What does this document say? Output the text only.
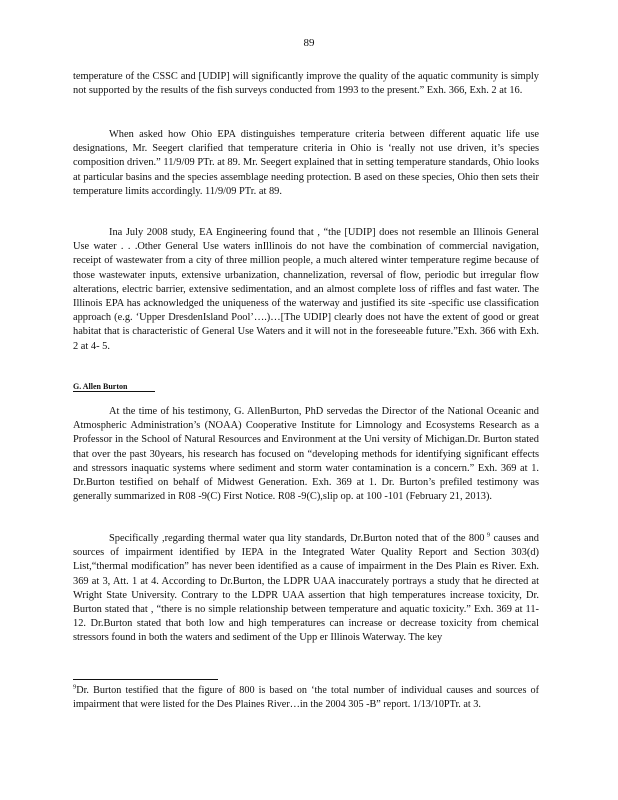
89

temperature of the CSSC and [UDIP] will significantly improve the quality of the aquatic community is simply not supported by the results of the fish surveys conducted from 1993 to the present.” Exh. 366, Exh. 2 at 16.

When asked how Ohio EPA distinguishes temperature criteria between different aquatic life use designations, Mr. Seegert clarified that temperature criteria in Ohio is ‘really not use driven, it’s species composition driven.” 11/9/09 PTr. at 89. Mr. Seegert explained that in setting temperature standards, Ohio looks at particular basins and the species assemblage needing protection. B ased on these species, Ohio then sets their temperature limits accordingly. 11/9/09 PTr. at 89.

Ina July 2008 study, EA Engineering found that , “the [UDIP] does not resemble an Illinois General Use water . . .Other General Use waters inIllinois do not have the combination of commercial navigation, receipt of wastewater from a city of three million people, a much altered winter temperature regime because of those wastewater inputs, extensive urbanization, channelization, reversal of flow, periodic but irregular flow alterations, electric barrier, extensive sedimentation, and an almost complete loss of riffles and fast water. The Illinois EPA has acknowledged the uniqueness of the waterway and justified its site -specific use classification approach (e.g. ‘Upper DresdenIsland Pool’….)…[The UDIP] clearly does not have the extent of good or great habitat that is characteristic of General Use Waters and it will not in the foreseeable future.”Exh. 366 with Exh. 2 at 4- 5.

G. Allen Burton

At the time of his testimony, G. AllenBurton, PhD servedas the Director of the National Oceanic and Atmospheric Administration’s (NOAA) Cooperative Institute for Limnology and Ecosystems Research as a Professor in the School of Natural Resources and Environment at the Uni versity of Michigan.Dr. Burton stated that over the past 30years, his research has focused on “developing methods for identifying significant effects and stressors inaquatic systems where sediment and storm water contamination is a concern.” Exh. 369 at 1. Dr.Burton testified on behalf of Midwest Generation. Exh. 369 at 1. Dr. Burton’s prefiled testimony was generally summarized in R08 -9(C) First Notice. R08 -9(C),slip op. at 100 -101 (February 21, 2013).

Specifically ,regarding thermal water qua lity standards, Dr.Burton noted that of the 800 $^9$ causes and sources of impairment identified by IEPA in the Integrated Water Quality Report and Section 303(d) List,“thermal modification” has never been identified as a cause of impairment in the Des Plain es River. Exh. 369 at 3, Att. 1 at 4. According to Dr.Burton, the LDPR UAA inaccurately portrays a study that he directed at Wright State University. Contrary to the LDPR UAA assertion that high temperatures increase toxicity, Dr. Burton stated that , “there is no simple relationship between temperature and aquatic toxicity.” Exh. 369 at 11-12. Dr.Burton stated that both low and high temperatures can increase or decrease toxicity from chemical stressors found in both the waters and sediment of the Upp er Illinois Waterway. The key

$^9$Dr. Burton testified that the figure of 800 is based on ‘the total number of individual causes and sources of impairment that were listed for the Des Plaines River…in the 2004 305 -B” report. 1/13/10PTr. at 3.
